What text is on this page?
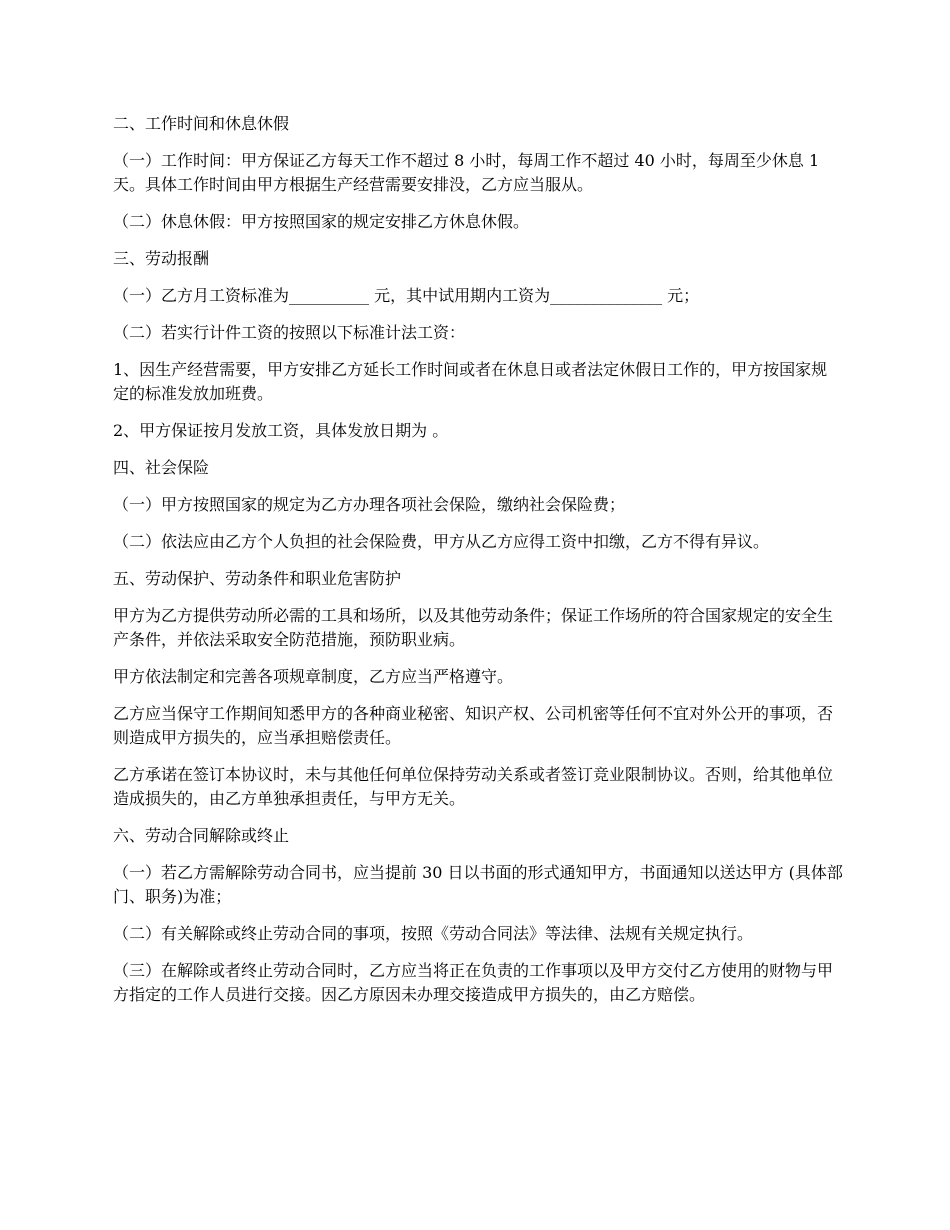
二、工作时间和休息休假

（一）工作时间：甲方保证乙方每天工作不超过 8 小时，每周工作不超过 40 小时，每周至少休息 1 天。具体工作时间由甲方根据生产经营需要安排没，乙方应当服从。

（二）休息休假：甲方按照国家的规定安排乙方休息休假。

三、劳动报酬

（一）乙方月工资标准为__________ 元，其中试用期内工资为______________ 元；

（二）若实行计件工资的按照以下标准计法工资：

1、因生产经营需要，甲方安排乙方延长工作时间或者在休息日或者法定休假日工作的，甲方按国家规定的标准发放加班费。

2、甲方保证按月发放工资，具体发放日期为 。

四、社会保险

（一）甲方按照国家的规定为乙方办理各项社会保险，缴纳社会保险费；

（二）依法应由乙方个人负担的社会保险费，甲方从乙方应得工资中扣缴，乙方不得有异议。

五、劳动保护、劳动条件和职业危害防护

甲方为乙方提供劳动所必需的工具和场所，以及其他劳动条件；保证工作场所的符合国家规定的安全生产条件，并依法采取安全防范措施，预防职业病。

甲方依法制定和完善各项规章制度，乙方应当严格遵守。

乙方应当保守工作期间知悉甲方的各种商业秘密、知识产权、公司机密等任何不宜对外公开的事项，否则造成甲方损失的，应当承担赔偿责任。

乙方承诺在签订本协议时，未与其他任何单位保持劳动关系或者签订竞业限制协议。否则，给其他单位造成损失的，由乙方单独承担责任，与甲方无关。

六、劳动合同解除或终止

（一）若乙方需解除劳动合同书，应当提前 30 日以书面的形式通知甲方，书面通知以送达甲方 (具体部门、职务)为准；

（二）有关解除或终止劳动合同的事项，按照《劳动合同法》等法律、法规有关规定执行。

（三）在解除或者终止劳动合同时，乙方应当将正在负责的工作事项以及甲方交付乙方使用的财物与甲方指定的工作人员进行交接。因乙方原因未办理交接造成甲方损失的，由乙方赔偿。
